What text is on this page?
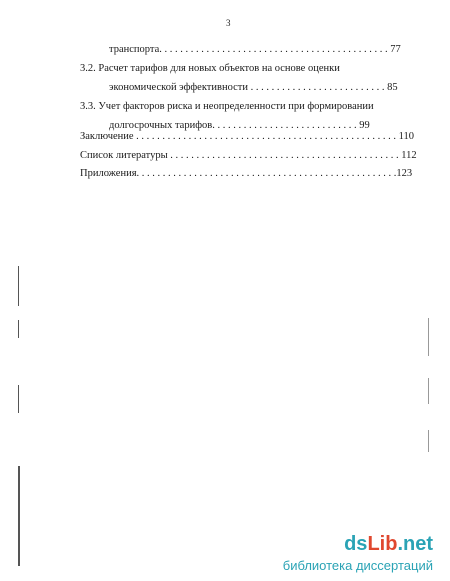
3
транспорта. . . . . . . . . . . . . . . . . . . . . . . . . . . . . . . . . . . . . . . . . . . . 77
3.2. Расчет тарифов для новых объектов на основе оценки
экономической эффективности . . . . . . . . . . . . . . . . . . . . . . . . . . 85
3.3. Учет факторов риска и неопределенности при формировании
долгосрочных тарифов. . . . . . . . . . . . . . . . . . . . . . . . . . . . 99
Заключение . . . . . . . . . . . . . . . . . . . . . . . . . . . . . . . . . . . . . . . . . . . . . . . . . . 110
Список литературы . . . . . . . . . . . . . . . . . . . . . . . . . . . . . . . . . . . . . . . . . . . . 112
Приложения. . . . . . . . . . . . . . . . . . . . . . . . . . . . . . . . . . . . . . . . . . . . . . . . . .123
dsLib.net
библиотека диссертаций
